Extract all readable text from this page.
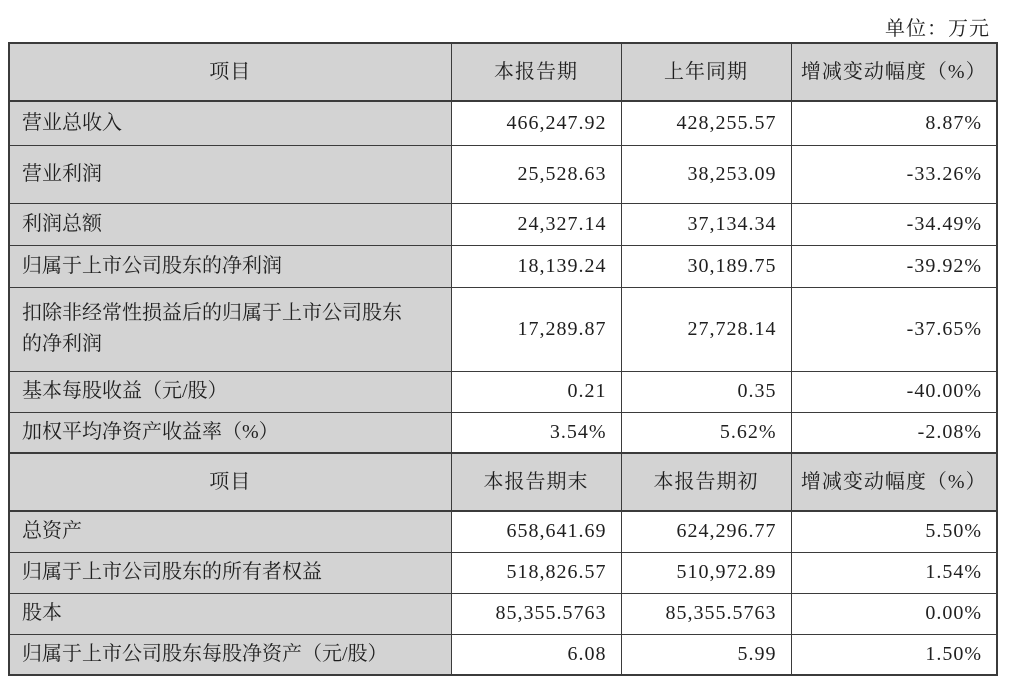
单位：万元
项目	本报告期	上年同期	增减变动幅度（%）
营业总收入	466,247.92	428,255.57	8.87%
营业利润	25,528.63	38,253.09	-33.26%
利润总额	24,327.14	37,134.34	-34.49%
归属于上市公司股东的净利润	18,139.24	30,189.75	-39.92%
扣除非经常性损益后的归属于上市公司股东的净利润	17,289.87	27,728.14	-37.65%
基本每股收益（元/股）	0.21	0.35	-40.00%
加权平均净资产收益率（%）	3.54%	5.62%	-2.08%
项目	本报告期末	本报告期初	增减变动幅度（%）
总资产	658,641.69	624,296.77	5.50%
归属于上市公司股东的所有者权益	518,826.57	510,972.89	1.54%
股本	85,355.5763	85,355.5763	0.00%
归属于上市公司股东每股净资产（元/股）	6.08	5.99	1.50%
